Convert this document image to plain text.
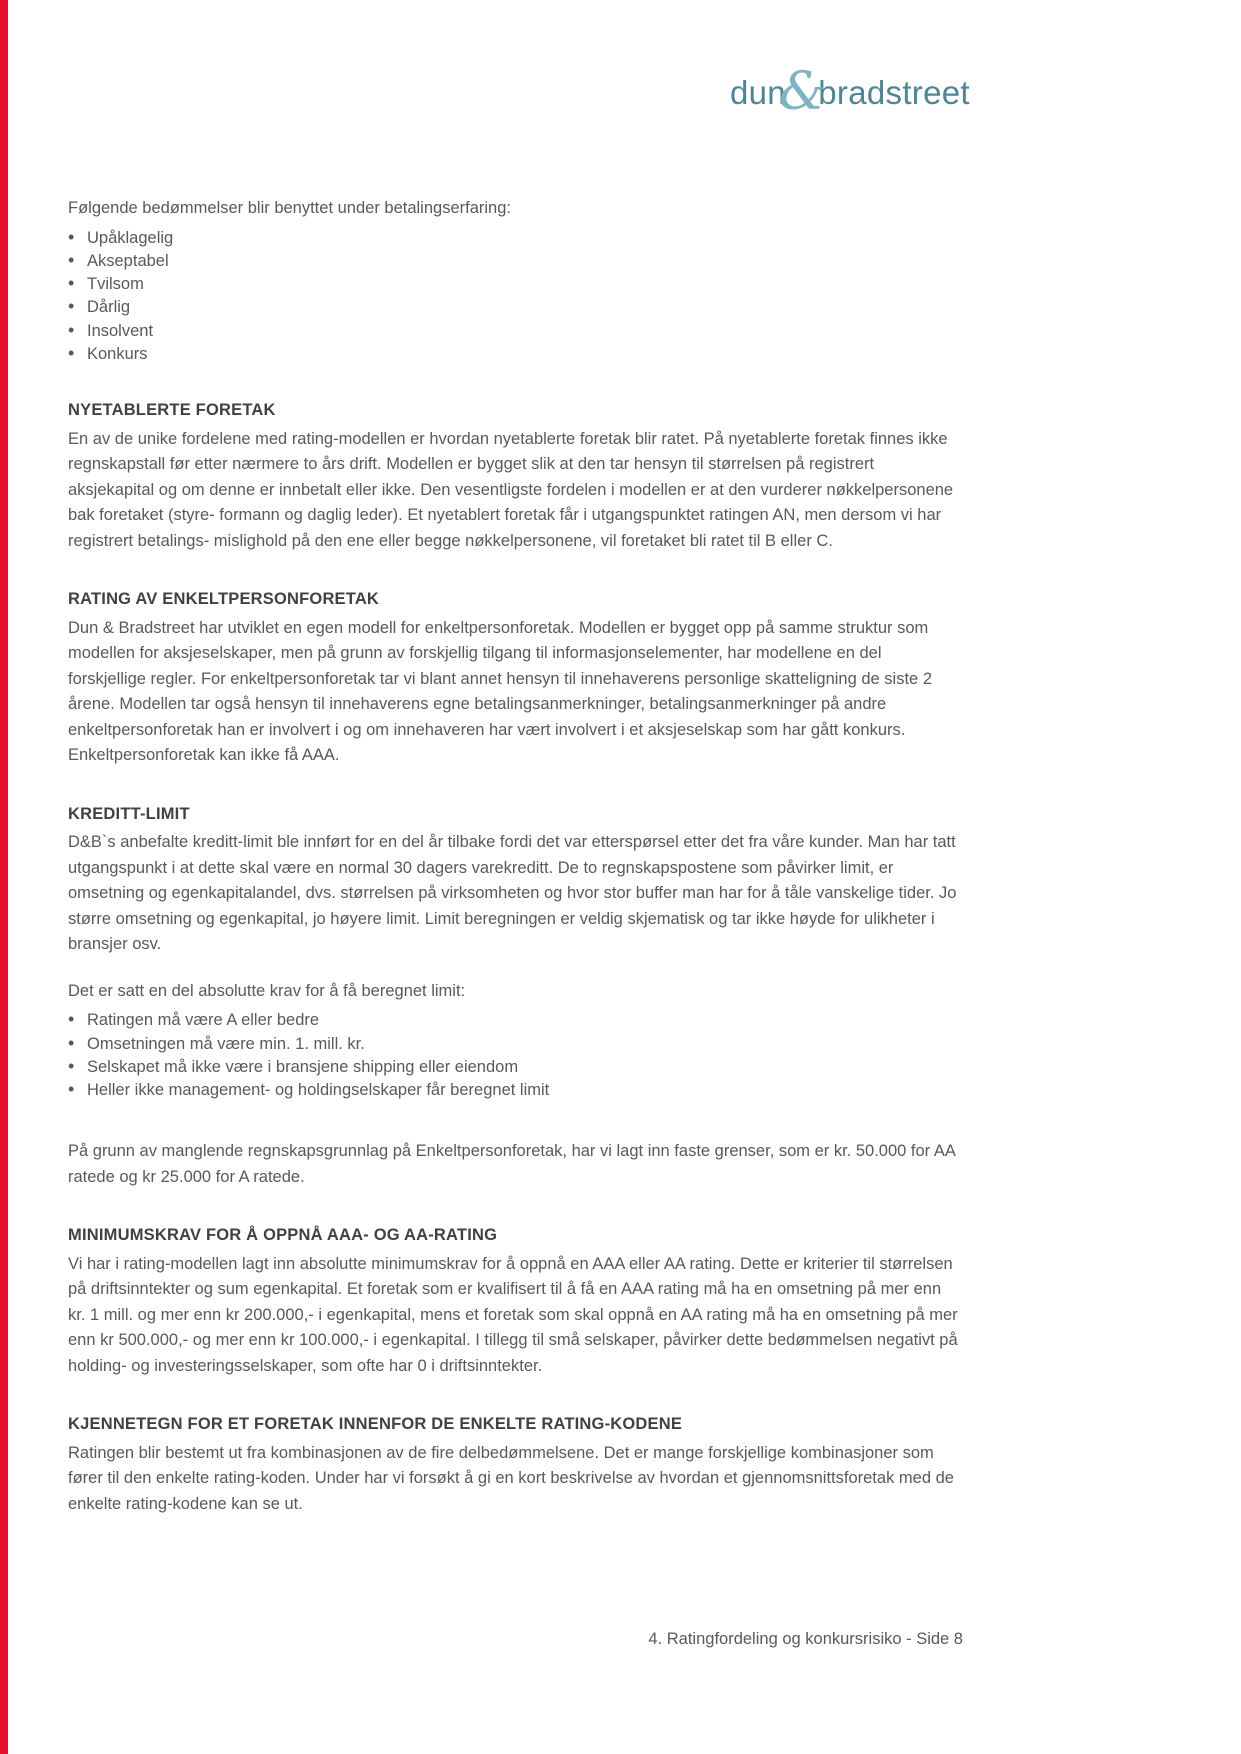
dun
&
bradstreet

Følgende bedømmelser blir benyttet under betalingserfaring:

• Upåklagelig
• Akseptabel
• Tvilsom
• Dårlig
• Insolvent
• Konkurs
NYETABLERTE FORETAK

En av de unike fordelene med rating-modellen er hvordan nyetablerte foretak blir ratet. På nyetablerte foretak finnes ikke regnskapstall før etter nærmere to års drift. Modellen er bygget slik at den tar hensyn til størrelsen på registrert aksjekapital og om denne er innbetalt eller ikke. Den vesentligste fordelen i modellen er at den vurderer nøkkelpersonene bak foretaket (styre- formann og daglig leder). Et nyetablert foretak får i utgangspunktet ratingen AN, men dersom vi har registrert betalings- mislighold på den ene eller begge nøkkelpersonene, vil foretaket bli ratet til B eller C.

RATING AV ENKELTPERSONFORETAK

Dun & Bradstreet har utviklet en egen modell for enkeltpersonforetak. Modellen er bygget opp på samme struktur som modellen for aksjeselskaper, men på grunn av forskjellig tilgang til informasjonselementer, har modellene en del forskjellige regler. For enkeltpersonforetak tar vi blant annet hensyn til innehaverens personlige skatteligning de siste 2 årene. Modellen tar også hensyn til innehaverens egne betalingsanmerkninger, betalingsanmerkninger på andre enkeltpersonforetak han er involvert i og om innehaveren har vært involvert i et aksjeselskap som har gått konkurs. Enkeltpersonforetak kan ikke få AAA.

KREDITT-LIMIT

D&B`s anbefalte kreditt-limit ble innført for en del år tilbake fordi det var etterspørsel etter det fra våre kunder. Man har tatt utgangspunkt i at dette skal være en normal 30 dagers varekreditt. De to regnskapspostene som påvirker limit, er omsetning og egenkapitalandel, dvs. størrelsen på virksomheten og hvor stor buffer man har for å tåle vanskelige tider. Jo større omsetning og egenkapital, jo høyere limit. Limit beregningen er veldig skjematisk og tar ikke høyde for ulikheter i bransjer osv.

Det er satt en del absolutte krav for å få beregnet limit:

• Ratingen må være A eller bedre
• Omsetningen må være min. 1. mill. kr.
• Selskapet må ikke være i bransjene shipping eller eiendom
• Heller ikke management- og holdingselskaper får beregnet limit

På grunn av manglende regnskapsgrunnlag på Enkeltpersonforetak, har vi lagt inn faste grenser, som er kr. 50.000 for AA ratede og kr 25.000 for A ratede.

MINIMUMSKRAV FOR Å OPPNÅ AAA- OG AA-RATING

Vi har i rating-modellen lagt inn absolutte minimumskrav for å oppnå en AAA eller AA rating. Dette er kriterier til størrelsen på driftsinntekter og sum egenkapital. Et foretak som er kvalifisert til å få en AAA rating må ha en omsetning på mer enn kr. 1 mill. og mer enn kr 200.000,- i egenkapital, mens et foretak som skal oppnå en AA rating må ha en omsetning på mer enn kr 500.000,- og mer enn kr 100.000,- i egenkapital. I tillegg til små selskaper, påvirker dette bedømmelsen negativt på holding- og investeringsselskaper, som ofte har 0 i driftsinntekter.

KJENNETEGN FOR ET FORETAK INNENFOR DE ENKELTE RATING-KODENE

Ratingen blir bestemt ut fra kombinasjonen av de fire delbedømmelsene. Det er mange forskjellige kombinasjoner som fører til den enkelte rating-koden. Under har vi forsøkt å gi en kort beskrivelse av hvordan et gjennomsnittsforetak med de enkelte rating-kodene kan se ut.

4. Ratingfordeling og konkursrisiko - Side 8
